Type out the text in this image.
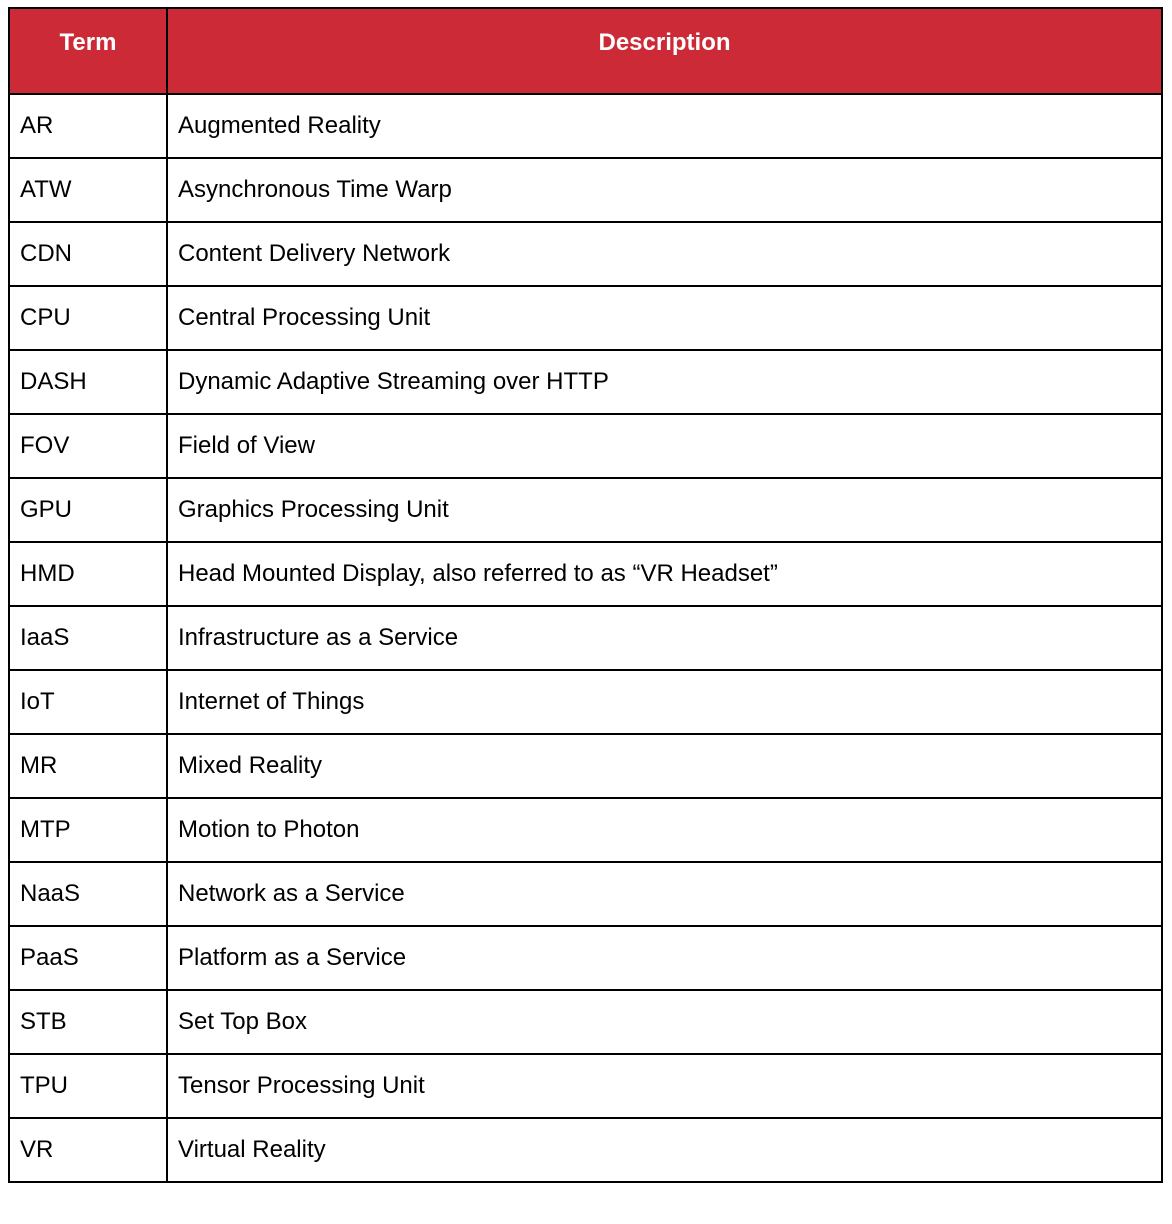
Term	Description
AR	Augmented Reality
ATW	Asynchronous Time Warp
CDN	Content Delivery Network
CPU	Central Processing Unit
DASH	Dynamic Adaptive Streaming over HTTP
FOV	Field of View
GPU	Graphics Processing Unit
HMD	Head Mounted Display, also referred to as “VR Headset”
IaaS	Infrastructure as a Service
IoT	Internet of Things
MR	Mixed Reality
MTP	Motion to Photon
NaaS	Network as a Service
PaaS	Platform as a Service
STB	Set Top Box
TPU	Tensor Processing Unit
VR	Virtual Reality
